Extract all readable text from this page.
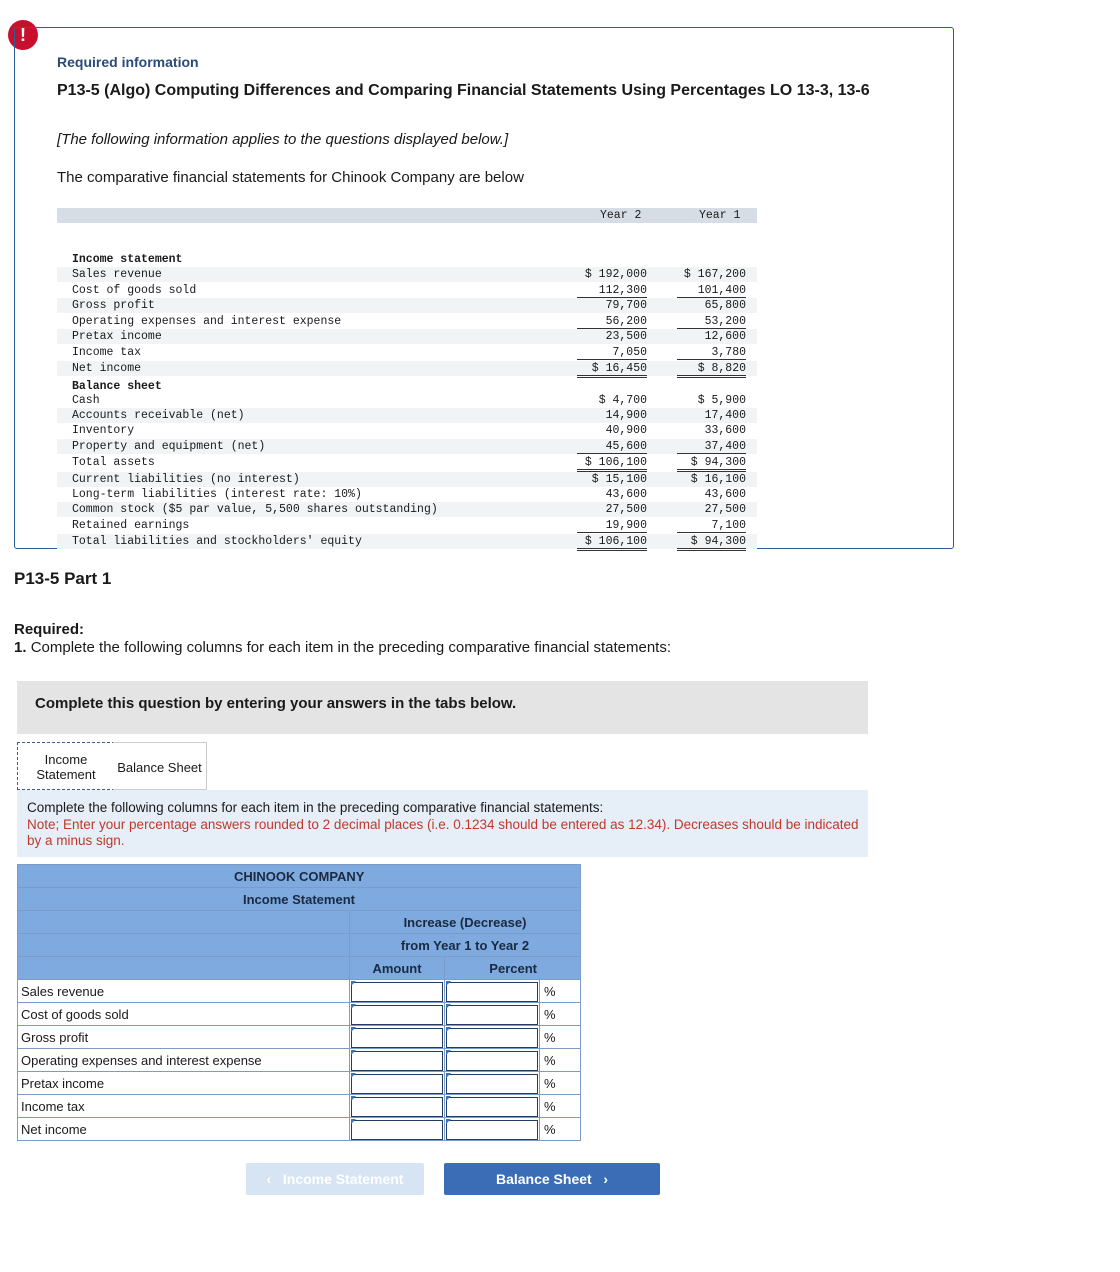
!
Required information
P13-5 (Algo) Computing Differences and Comparing Financial Statements Using Percentages LO 13-3, 13-6
[The following information applies to the questions displayed below.]
The comparative financial statements for Chinook Company are below
Year 2	Year 1
Income statement
Sales revenue	$ 192,000	$ 167,200
Cost of goods sold	112,300	101,400
Gross profit	79,700	65,800
Operating expenses and interest expense	56,200	53,200
Pretax income	23,500	12,600
Income tax	7,050	3,780
Net income	$ 16,450	$ 8,820
Balance sheet
Cash	$ 4,700	$ 5,900
Accounts receivable (net)	14,900	17,400
Inventory	40,900	33,600
Property and equipment (net)	45,600	37,400
Total assets	$ 106,100	$ 94,300
Current liabilities (no interest)	$ 15,100	$ 16,100
Long-term liabilities (interest rate: 10%)	43,600	43,600
Common stock ($5 par value, 5,500 shares outstanding)	27,500	27,500
Retained earnings	19,900	7,100
Total liabilities and stockholders' equity	$ 106,100	$ 94,300
P13-5 Part 1
Required:
1. Complete the following columns for each item in the preceding comparative financial statements:
Complete this question by entering your answers in the tabs below.
Income Statement	Balance Sheet
Complete the following columns for each item in the preceding comparative financial statements:
Note; Enter your percentage answers rounded to 2 decimal places (i.e. 0.1234 should be entered as 12.34). Decreases should be indicated by a minus sign.
CHINOOK COMPANY			
Income Statement			
	Increase (Decrease)		
	from Year 1 to Year 2		
	Amount	Percent	
Sales revenue			%
Cost of goods sold			%
Gross profit			%
Operating expenses and interest expense			%
Pretax income			%
Income tax			%
Net income			%
‹ Income Statement	Balance Sheet ›
